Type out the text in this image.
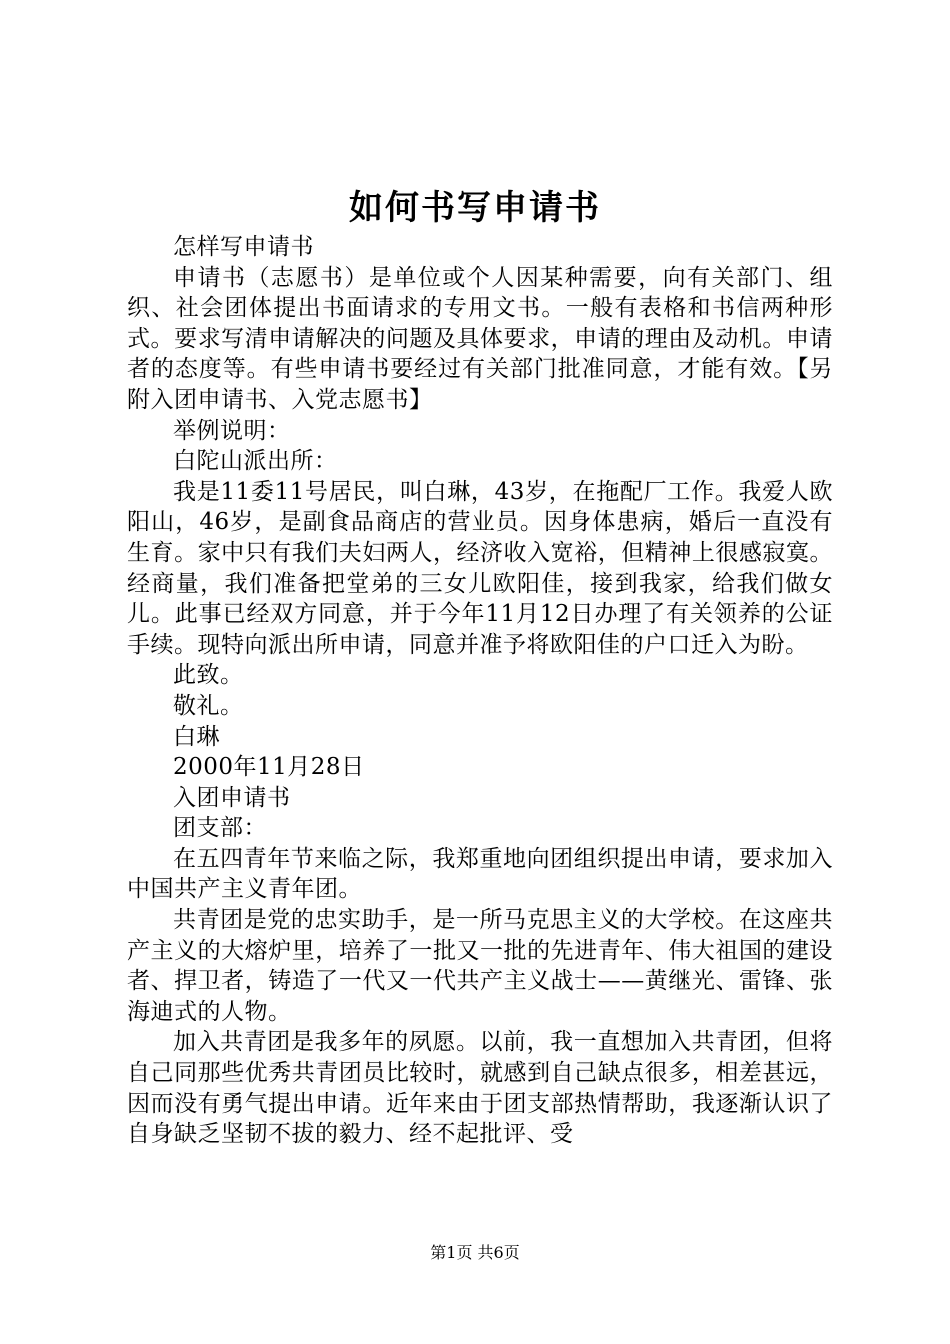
如何书写申请书

怎样写申请书

申请书（志愿书）是单位或个人因某种需要，向有关部门、组织、社会团体提出书面请求的专用文书。一般有表格和书信两种形式。要求写清申请解决的问题及具体要求，申请的理由及动机。申请者的态度等。有些申请书要经过有关部门批准同意，才能有效。【另附入团申请书、入党志愿书】

举例说明：

白陀山派出所：

我是11委11号居民，叫白琳，43岁，在拖配厂工作。我爱人欧阳山，46岁，是副食品商店的营业员。因身体患病，婚后一直没有生育。家中只有我们夫妇两人，经济收入宽裕，但精神上很感寂寞。经商量，我们准备把堂弟的三女儿欧阳佳，接到我家，给我们做女儿。此事已经双方同意，并于今年11月12日办理了有关领养的公证手续。现特向派出所申请，同意并准予将欧阳佳的户口迁入为盼。

此致。

敬礼。

白琳

2000年11月28日

入团申请书

团支部：

在五四青年节来临之际，我郑重地向团组织提出申请，要求加入中国共产主义青年团。

共青团是党的忠实助手，是一所马克思主义的大学校。在这座共产主义的大熔炉里，培养了一批又一批的先进青年、伟大祖国的建设者、捍卫者，铸造了一代又一代共产主义战士——黄继光、雷锋、张海迪式的人物。

加入共青团是我多年的夙愿。以前，我一直想加入共青团，但将自己同那些优秀共青团员比较时，就感到自己缺点很多，相差甚远，因而没有勇气提出申请。近年来由于团支部热情帮助，我逐渐认识了自身缺乏坚韧不拔的毅力、经不起批评、受

第1页 共6页
